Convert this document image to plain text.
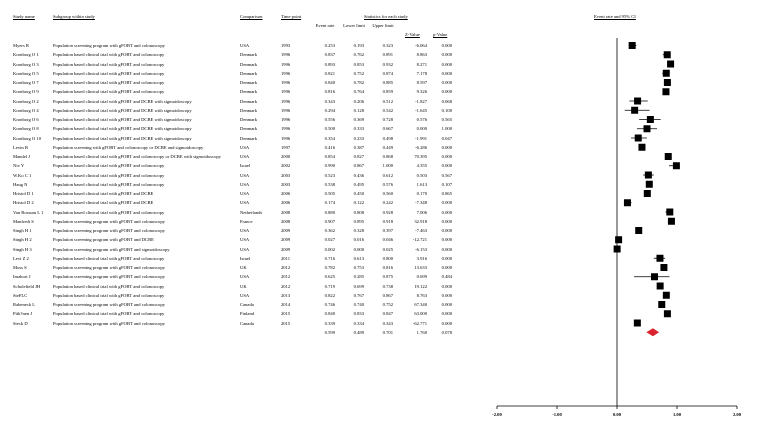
Study name	Subgroup within study	Comparison	Time point	Statistics for each study	Event rate and 95% CI
Event rate	Lower limit	Upper limit
Z-Value	p-Value
Myers R	Population screening program with gFOBT and colonoscopy	USA	1993	0.253	0.193	0.323	-6.064	0.000
Kronborg O 1	Population based clinical trial with gFOBT and colonoscopy	Denmark	1996	0.837	0.762	0.891	8.863	0.000
Kronborg O 3	Population based clinical trial with gFOBT and colonoscopy	Denmark	1996	0.893	0.853	0.932	8.271	0.000
Kronborg O 5	Population based clinical trial with gFOBT and colonoscopy	Denmark	1996	0.821	0.752	0.874	7.178	0.000
Kronborg O 7	Population based clinical trial with gFOBT and colonoscopy	Denmark	1996	0.840	0.782	0.885	8.597	0.000
Kronborg O 9	Population based clinical trial with gFOBT and colonoscopy	Denmark	1996	0.816	0.764	0.859	9.326	0.000
Kronborg O 2	Population based clinical trial with gFOBT and DCBE with sigmoidoscopy	Denmark	1996	0.343	0.206	0.512	-1.827	0.068
Kronborg O 4	Population based clinical trial with gFOBT and DCBE with sigmoidoscopy	Denmark	1996	0.294	0.128	0.542	-1.645	0.100
Kronborg O 6	Population based clinical trial with gFOBT and DCBE with sigmoidoscopy	Denmark	1996	0.556	0.369	0.728	0.576	0.565
Kronborg O 8	Population based clinical trial with gFOBT and DCBE with sigmoidoscopy	Denmark	1996	0.500	0.333	0.667	0.000	1.000
Kronborg O 10	Population based clinical trial with gFOBT and DCBE with sigmoidoscopy	Denmark	1996	0.354	0.233	0.498	-1.991	0.047
Levin B	Population screening with gFOBT and colonoscopy or DCBE and sigmoidoscopy	USA	1997	0.416	0.387	0.449	-6.286	0.000
Mandel J	Population based clinical trial with gFOBT and colonoscopy or DCBE with sigmoidoscopy	USA	2000	0.854	0.827	0.868	70.395	0.000
Niv Y	Population based clinical trial with gFOBT and colonoscopy	Israel	2002	0.990	0.867	1.000	4.355	0.000
W.Ko C 1	Population based clinical trial with gFOBT and colonoscopy	USA	2003	0.523	0.436	0.612	0.503	0.567
Haug N	Population based clinical trial with gFOBT and colonoscopy	USA	2003	0.538	0.495	0.576	1.613	0.107
Hristol D 1	Population based clinical trial with gFOBT and DCBE	USA	2006	0.505	0.450	0.560	0.170	0.865
Hristol D 2	Population based clinical trial with gFOBT and DCBE	USA	2006	0.174	0.122	0.242	-7.348	0.000
Van Rossum L 1 Population based clinical trial with gFOBT and colonoscopy	Netherlands	2008	0.880	0.808	0.928	7.006	0.000
Manfredi S	Population screening program with gFOBT and colonoscopy	France	2008	0.907	0.895	0.918	32.918	0.000
Singh H 1	Population screening program with gFOBT and colonoscopy	USA	2009	0.362	0.328	0.397	-7.463	0.000
Singh H 2	Population screening program with gFOBT and DCBE	USA	2009	0.027	0.016	0.046	-12.721	0.000
Singh H 3	Population screening program with gFOBT and sigmoidoscopy	USA	2009	0.002	0.000	0.025	-6.153	0.000
Levi Z 2	Population based clinical trial with gFOBT and colonoscopy	Israel	2011	0.716	0.613	0.800	3.916	0.000
Moss S	Population screening program with gFOBT and colonoscopy	UK	2012	0.782	0.753	0.816	13.633	0.000
Imahori J	Population screening program with gFOBT and colonoscopy	USA	2012	0.625	0.285	0.875	0.699	0.484
Scholefield JH	Population based clinical trial with gFOBT and colonoscopy	UK	2012	0.719	0.699	0.738	19.122	0.000
SteFLC	Population based clinical trial with gFOBT and colonoscopy	USA	2013	0.822	0.767	0.867	8.763	0.000
Rabeneck L	Population screening program with gFOBT and colonoscopy	Canada	2014	0.746	0.740	0.752	67.340	0.000
Pitk?nen J	Population based clinical trial with gFOBT and colonoscopy	Finland	2015	0.840	0.833	0.847	63.000	0.000
Steck D	Population screening program with gFOBT and colonoscopy	Canada	2015	0.339	0.334	0.343	-62.771	0.000
0.599	0.489	0.701	1.760	0.078
-2.00	-1.00	0.00	1.00	2.00
